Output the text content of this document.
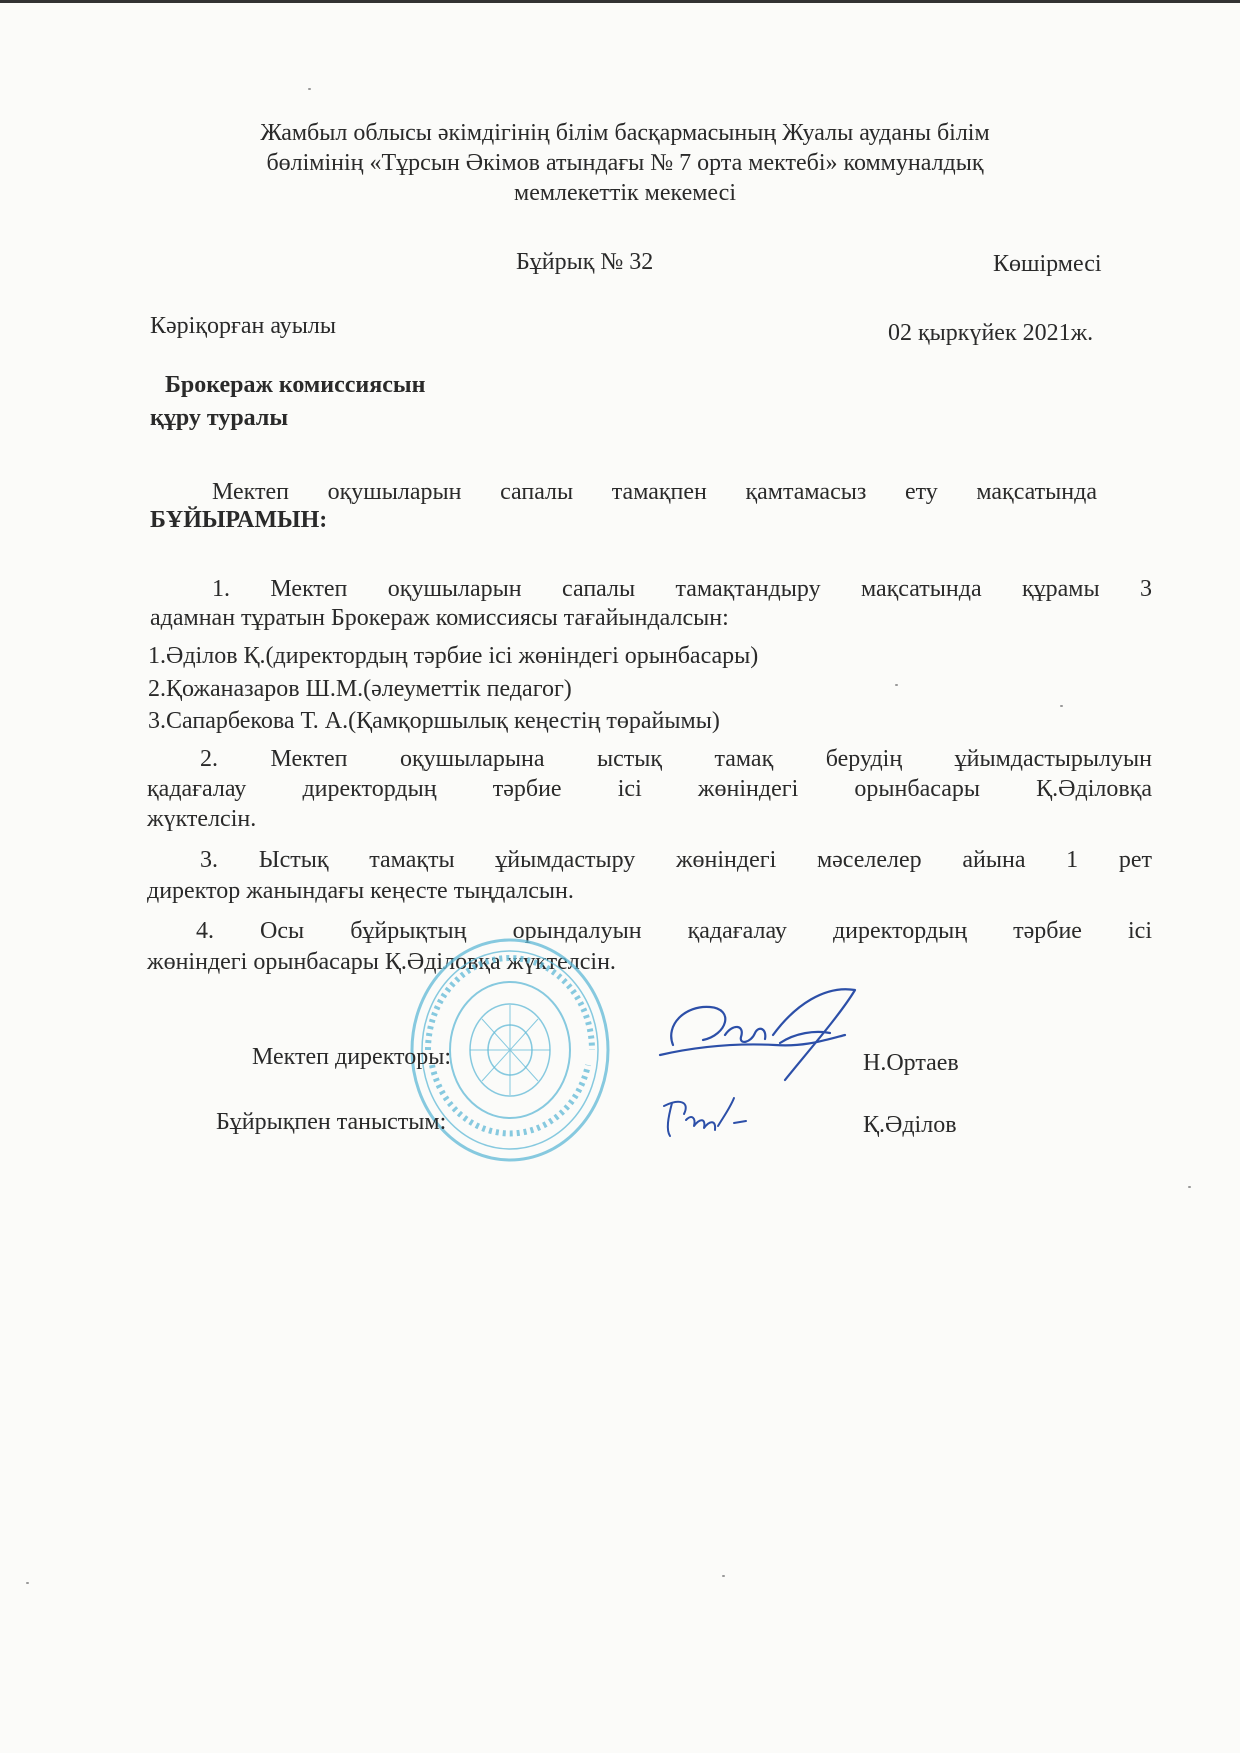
Жамбыл облысы әкімдігінің білім басқармасының Жуалы ауданы білім
бөлімінің «Тұрсын Әкімов атындағы № 7 орта мектебі» коммуналдық
мемлекеттік мекемесі
Бұйрық № 32	Көшірмесі
Кәріқорған ауылы	02 қыркүйек 2021ж.
Брокераж комиссиясын
құру туралы
Мектеп оқушыларын сапалы тамақпен қамтамасыз ету мақсатында
БҰЙЫРАМЫН:
1. Мектеп оқушыларын сапалы тамақтандыру мақсатында құрамы 3
адамнан тұратын Брокераж комиссиясы тағайындалсын:
1.Әділов Қ.(директордың тәрбие ісі жөніндегі орынбасары)
2.Қожаназаров Ш.М.(әлеуметтік педагог)
3.Сапарбекова Т. А.(Қамқоршылық кеңестің төрайымы)
2. Мектеп оқушыларына ыстық тамақ берудің ұйымдастырылуын
қадағалау директордың тәрбие ісі жөніндегі орынбасары Қ.Әділовқа
жүктелсін.
3. Ыстық тамақты ұйымдастыру жөніндегі мәселелер айына 1 рет
директор жанындағы кеңесте тыңдалсын.
4. Осы бұйрықтың орындалуын қадағалау директордың тәрбие ісі
жөніндегі орынбасары Қ.Әділовқа жүктелсін.
Мектеп директоры:	Н.Ортаев
Бұйрықпен таныстым:	Қ.Әділов
